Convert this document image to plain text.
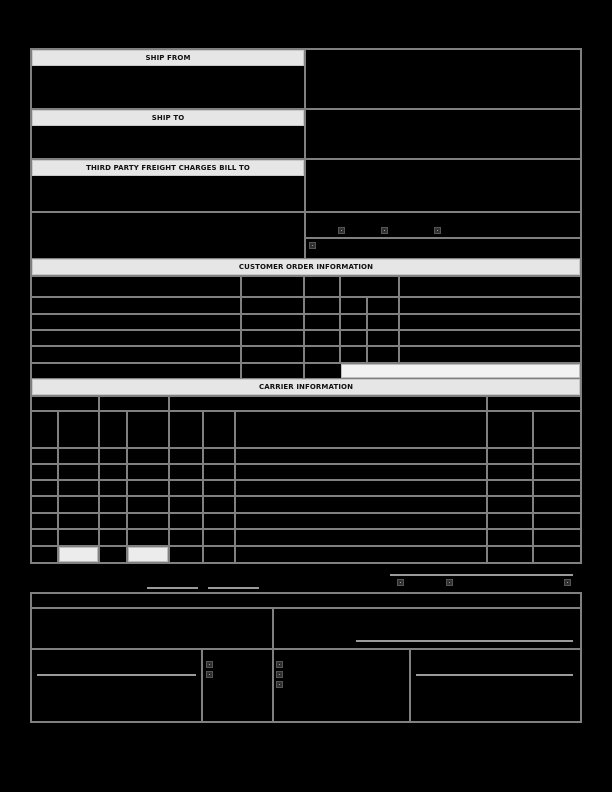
SHIP FROM
SHIP TO
THIRD PARTY FREIGHT CHARGES BILL TO
CUSTOMER ORDER INFORMATION
CARRIER INFORMATION
